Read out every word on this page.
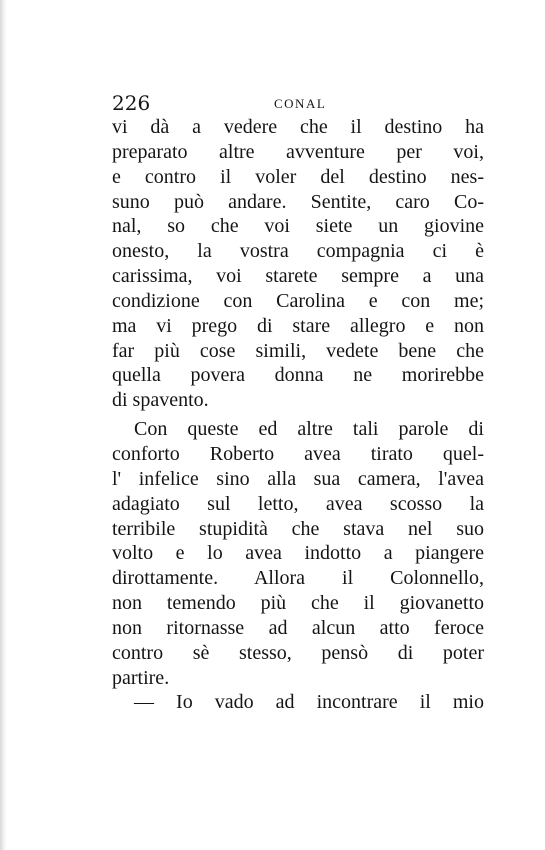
226	CONAL
vi dà a vedere che il destino ha
preparato altre avventure per voi,
e contro il voler del destino nes-
suno può andare. Sentite, caro Co-
nal, so che voi siete un giovine
onesto, la vostra compagnia ci è
carissima, voi starete sempre a una
condizione con Carolina e con me;
ma vi prego di stare allegro e non
far più cose simili, vedete bene che
quella povera donna ne morirebbe
di spavento.
Con queste ed altre tali parole di
conforto Roberto avea tirato quel-
l' infelice sino alla sua camera, l'avea
adagiato sul letto, avea scosso la
terribile stupidità che stava nel suo
volto e lo avea indotto a piangere
dirottamente. Allora il Colonnello,
non temendo più che il giovanetto
non ritornasse ad alcun atto feroce
contro sè stesso, pensò di poter
partire.
— Io vado ad incontrare il mio
